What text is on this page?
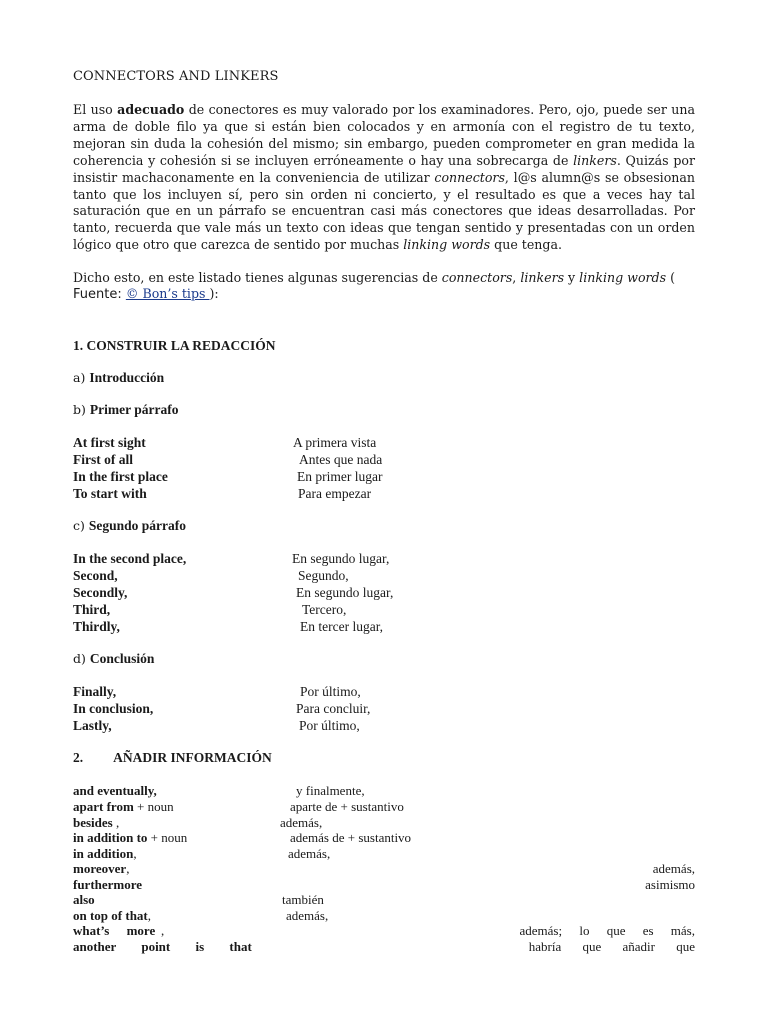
CONNECTORS AND LINKERS

El uso adecuado de conectores es muy valorado por los examinadores. Pero, ojo, puede ser una arma de doble filo ya que si están bien colocados y en armonía con el registro de tu texto, mejoran sin duda la cohesión del mismo; sin embargo, pueden comprometer en gran medida la coherencia y cohesión si se incluyen erróneamente o hay una sobrecarga de linkers. Quizás por insistir machaconamente en la conveniencia de utilizar connectors, l@s alumn@s se obsesionan tanto que los incluyen sí, pero sin orden ni concierto, y el resultado es que a veces hay tal saturación que en un párrafo se encuentran casi más conectores que ideas desarrolladas. Por tanto, recuerda que vale más un texto con ideas que tengan sentido y presentadas con un orden lógico que otro que carezca de sentido por muchas linking words que tenga.

Dicho esto, en este listado tienes algunas sugerencias de connectors, linkers y linking words (
Fuente: © Bon’s tips ):
1. CONSTRUIR LA REDACCIÓN
a) Introducción
b) Primer párrafo
At first sight	A primera vista
First of all	Antes que nada
In the first place	En primer lugar
To start with	Para empezar
c) Segundo párrafo
In the second place,	En segundo lugar,
Second,	Segundo,
Secondly,	En segundo lugar,
Third,	Tercero,
Thirdly,	En tercer lugar,
d) Conclusión
Finally,	Por último,
In conclusion,	Para concluir,
Lastly,	Por último,
2. AÑADIR INFORMACIÓN
and eventually,	y finalmente,
apart from + noun	aparte de + sustantivo
besides ,	además,
in addition to + noun	además de + sustantivo
in addition,	además,
moreover,	además,
furthermore	asimismo
also	también
on top of that,	además,
what’s more ,	además; lo que es más,
another point is that	habría que añadir que
